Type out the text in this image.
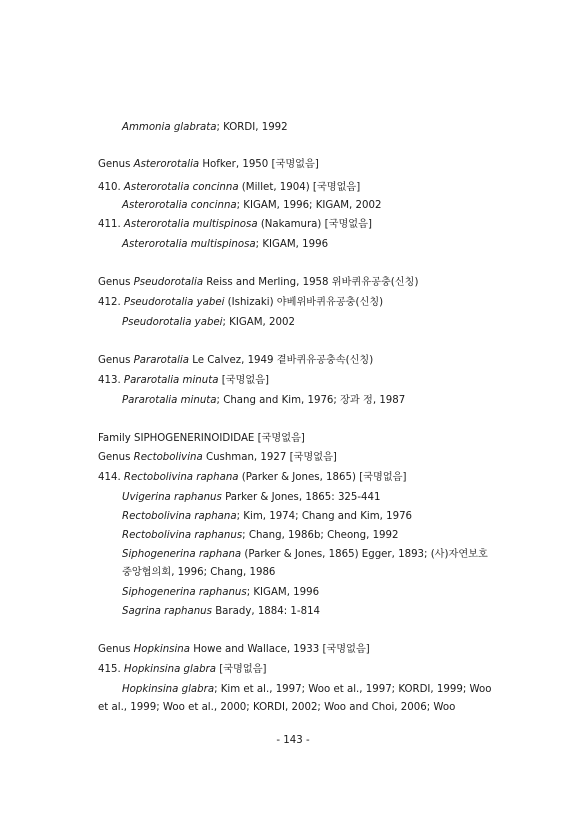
Ammonia glabrata; KORDI, 1992
Genus Asterorotalia Hofker, 1950 [국명없음]
410. Asterorotalia concinna (Millet, 1904) [국명없음]
Asterorotalia concinna; KIGAM, 1996; KIGAM, 2002
411. Asterorotalia multispinosa (Nakamura) [국명없음]
Asterorotalia multispinosa; KIGAM, 1996
Genus Pseudorotalia Reiss and Merling, 1958 위바퀴유공충(신칭)
412. Pseudorotalia yabei (Ishizaki) 야베위바퀴유공충(신칭)
Pseudorotalia yabei; KIGAM, 2002
Genus Pararotalia Le Calvez, 1949 곁바퀴유공충속(신칭)
413. Pararotalia minuta [국명없음]
Pararotalia minuta; Chang and Kim, 1976; 장과 정, 1987
Family SIPHOGENERINOIDIDAE [국명없음]
Genus Rectobolivina Cushman, 1927 [국명없음]
414. Rectobolivina raphana (Parker & Jones, 1865) [국명없음]
Uvigerina raphanus Parker & Jones, 1865: 325-441
Rectobolivina raphana; Kim, 1974; Chang and Kim, 1976
Rectobolivina raphanus; Chang, 1986b; Cheong, 1992
Siphogenerina raphana (Parker & Jones, 1865) Egger, 1893; (사)자연보호
중앙협의회, 1996; Chang, 1986
Siphogenerina raphanus; KIGAM, 1996
Sagrina raphanus Barady, 1884: 1-814
Genus Hopkinsina Howe and Wallace, 1933 [국명없음]
415. Hopkinsina glabra [국명없음]
Hopkinsina glabra; Kim et al., 1997; Woo et al., 1997; KORDI, 1999; Woo
et al., 1999; Woo et al., 2000; KORDI, 2002; Woo and Choi, 2006; Woo
- 143 -
